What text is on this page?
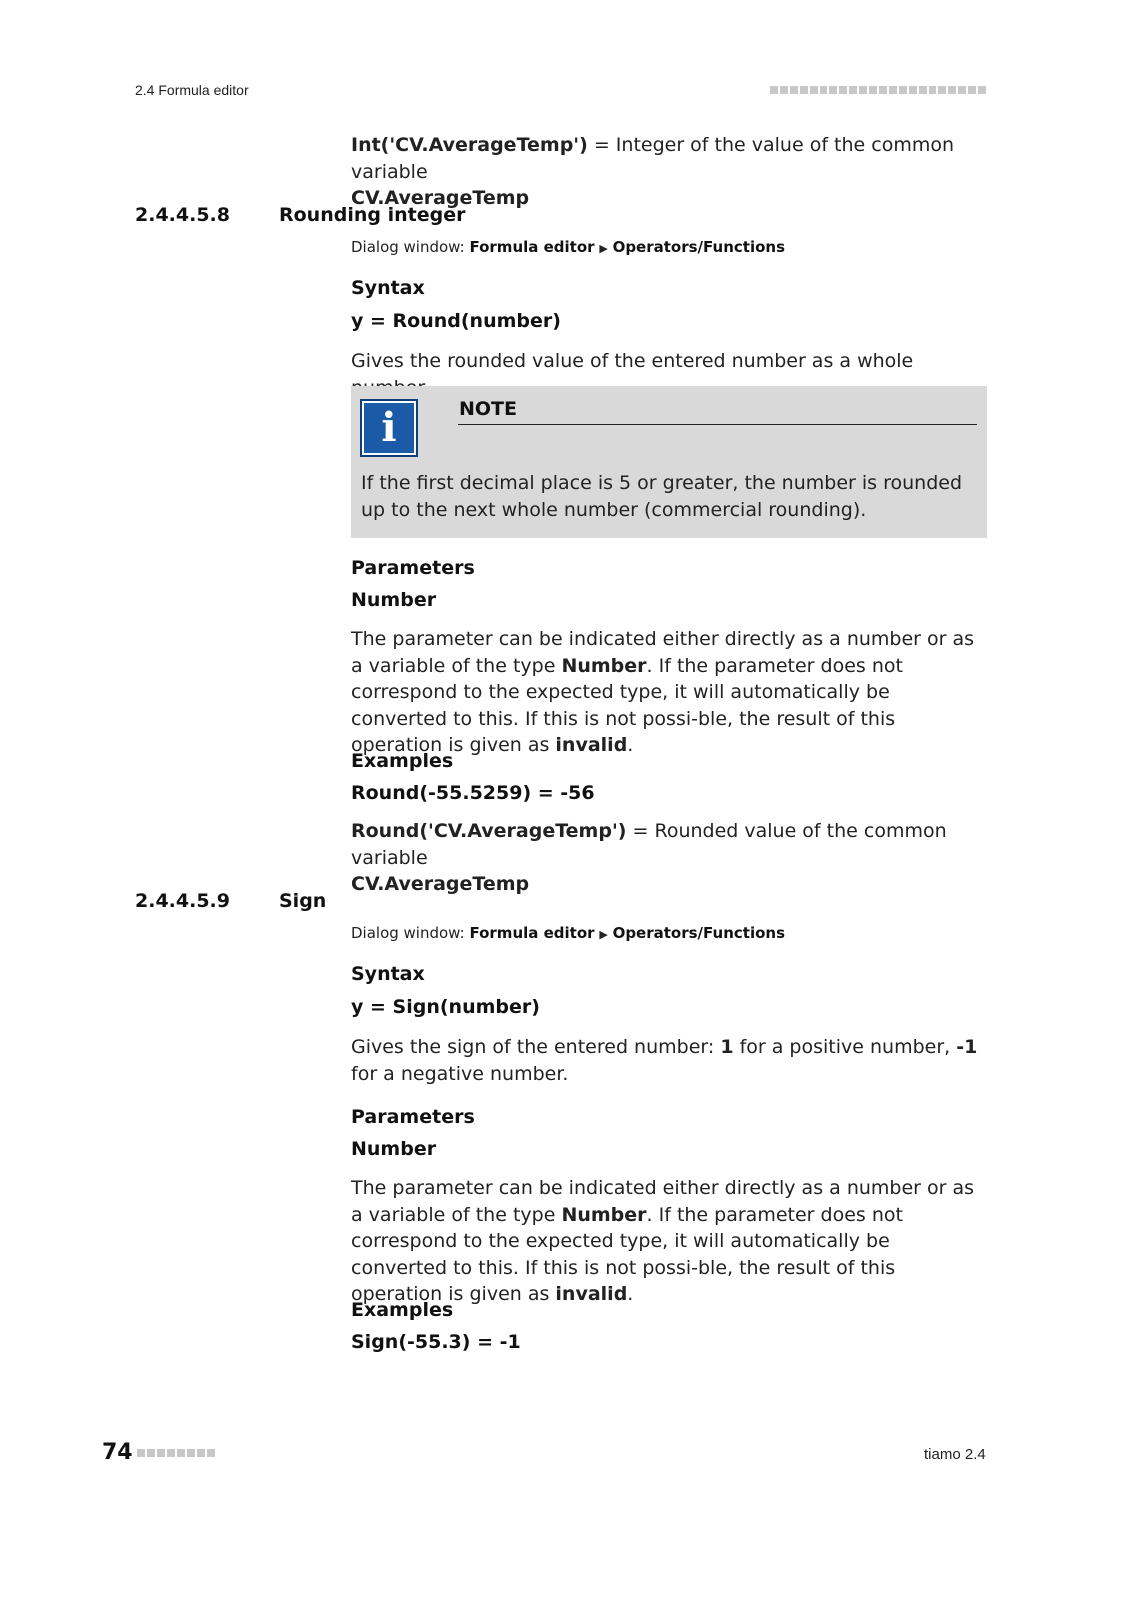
2.4 Formula editor

Int('CV.AverageTemp') = Integer of the value of the common variable
CV.AverageTemp

2.4.4.5.8	Rounding integer
Dialog window: Formula editor ▶ Operators/Functions
Syntax
y = Round(number)

Gives the rounded value of the entered number as a whole

i	NOTE
If the first decimal place is 5 or greater, the number is rounded up to the next whole number (commercial rounding).
Parameters
Number

The parameter can be indicated either directly as a number or as a variable of the type Number. If the parameter does not correspond to the expected type, it will automatically be converted to this. If this is not possi-ble, the result of this operation is given as invalid.

Examples
Round(-55.5259) = -56

Round('CV.AverageTemp') = Rounded value of the common variable
CV.AverageTemp

2.4.4.5.9	Sign
Dialog window: Formula editor ▶ Operators/Functions
Syntax
y = Sign(number)

Gives the sign of the entered number: 1 for a positive number, -1 for a negative number.

Parameters
Number

The parameter can be indicated either directly as a number or as a variable of the type Number. If the parameter does not correspond to the expected type, it will automatically be converted to this. If this is not possi-ble, the result of this operation is given as invalid.

Examples
Sign(-55.3) = -1
74	tiamo 2.4
